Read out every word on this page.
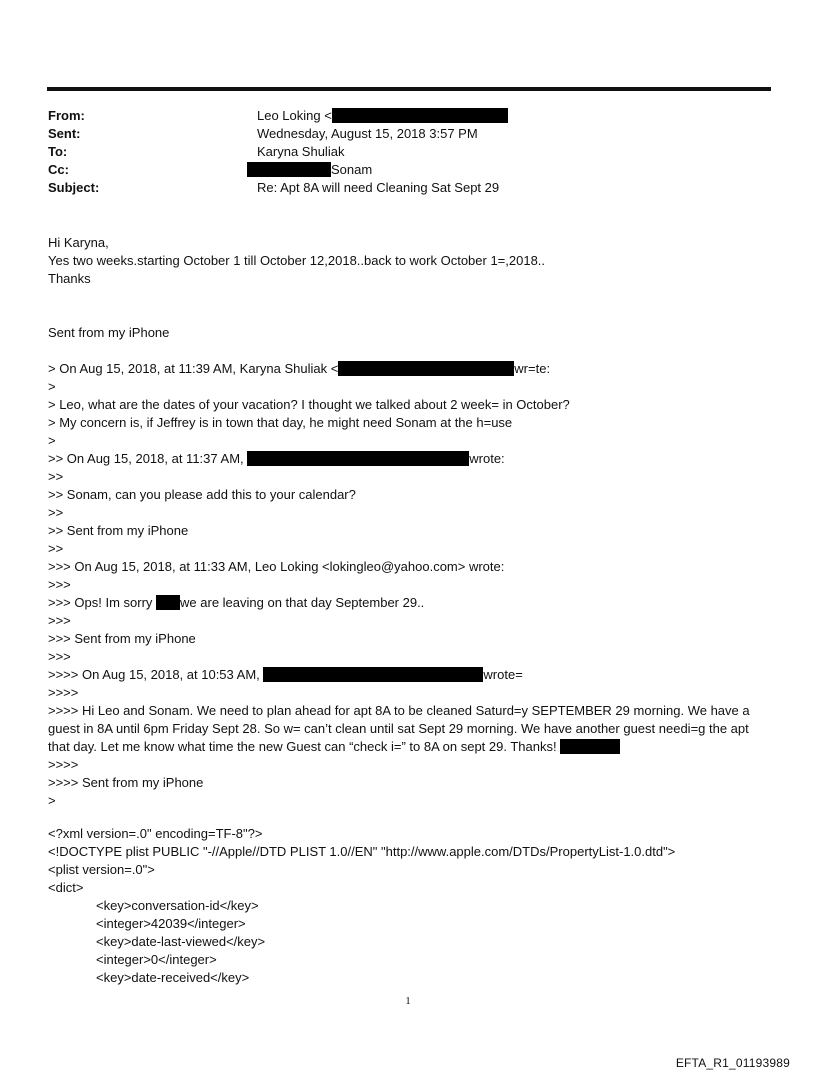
From:	Leo Loking <
Sent:	Wednesday, August 15, 2018 3:57 PM
To:	Karyna Shuliak
Cc:	Sonam
Subject:	Re: Apt 8A will need Cleaning Sat Sept 29
Hi Karyna,
Yes two weeks.starting October 1 till October 12,2018..back to work October 1=,2018..
Thanks
Sent from my iPhone
> On Aug 15, 2018, at 11:39 AM, Karyna Shuliak <	wr=te:
>
> Leo, what are the dates of your vacation? I thought we talked about 2 week= in October?
> My concern is, if Jeffrey is in town that day, he might need Sonam at the h=use
>
>> On Aug 15, 2018, at 11:37 AM,	wrote:
>>
>> Sonam, can you please add this to your calendar?
>>
>> Sent from my iPhone
>>
>>> On Aug 15, 2018, at 11:33 AM, Leo Loking <lokingleo@yahoo.com> wrote:
>>>
>>> Ops! Im sorry we are leaving on that day September 29..
>>>
>>> Sent from my iPhone
>>>
>>>> On Aug 15, 2018, at 10:53 AM,	wrote=
>>>>
>>>> Hi Leo and Sonam. We need to plan ahead for apt 8A to be cleaned Saturd=y SEPTEMBER 29 morning. We have a guest in 8A until 6pm Friday Sept 28. So w= can’t clean until sat Sept 29 morning. We have another guest needi=g the apt that day. Let me know what time the new Guest can “check i=” to 8A on sept 29. Thanks!
>>>>
>>>> Sent from my iPhone
>
<?xml version=.0" encoding=TF-8"?>
<!DOCTYPE plist PUBLIC "-//Apple//DTD PLIST 1.0//EN" "http://www.apple.com/DTDs/PropertyList-1.0.dtd">
<plist version=.0">
<dict>
<key>conversation-id</key>
<integer>42039</integer>
<key>date-last-viewed</key>
<integer>0</integer>
<key>date-received</key>
1
EFTA_R1_01193989
